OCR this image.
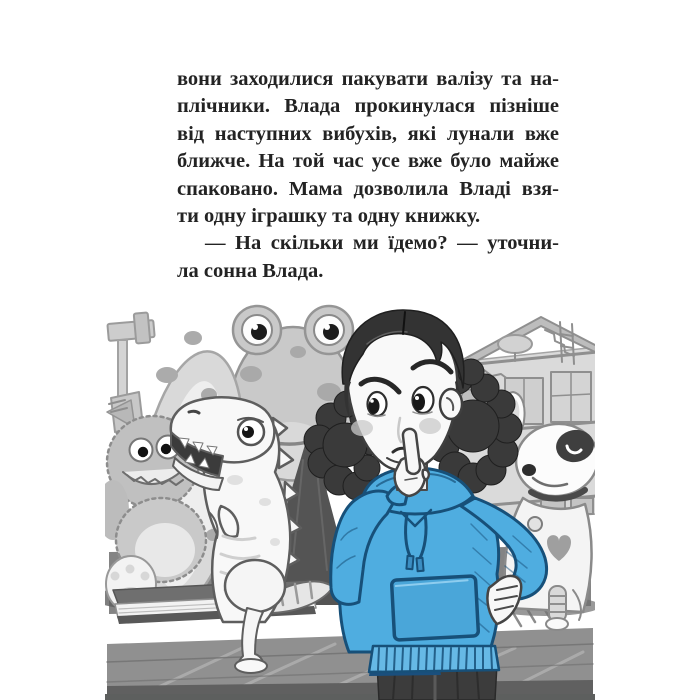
вони заходилися пакувати валізу та на-
плічники. Влада прокинулася пізніше
від наступних вибухів, які лунали вже
ближче. На той час усе вже було майже
спаковано. Мама дозволила Владі взя-
ти одну іграшку та одну книжку.
— На скільки ми їдемо? — уточни-
ла сонна Влада.
